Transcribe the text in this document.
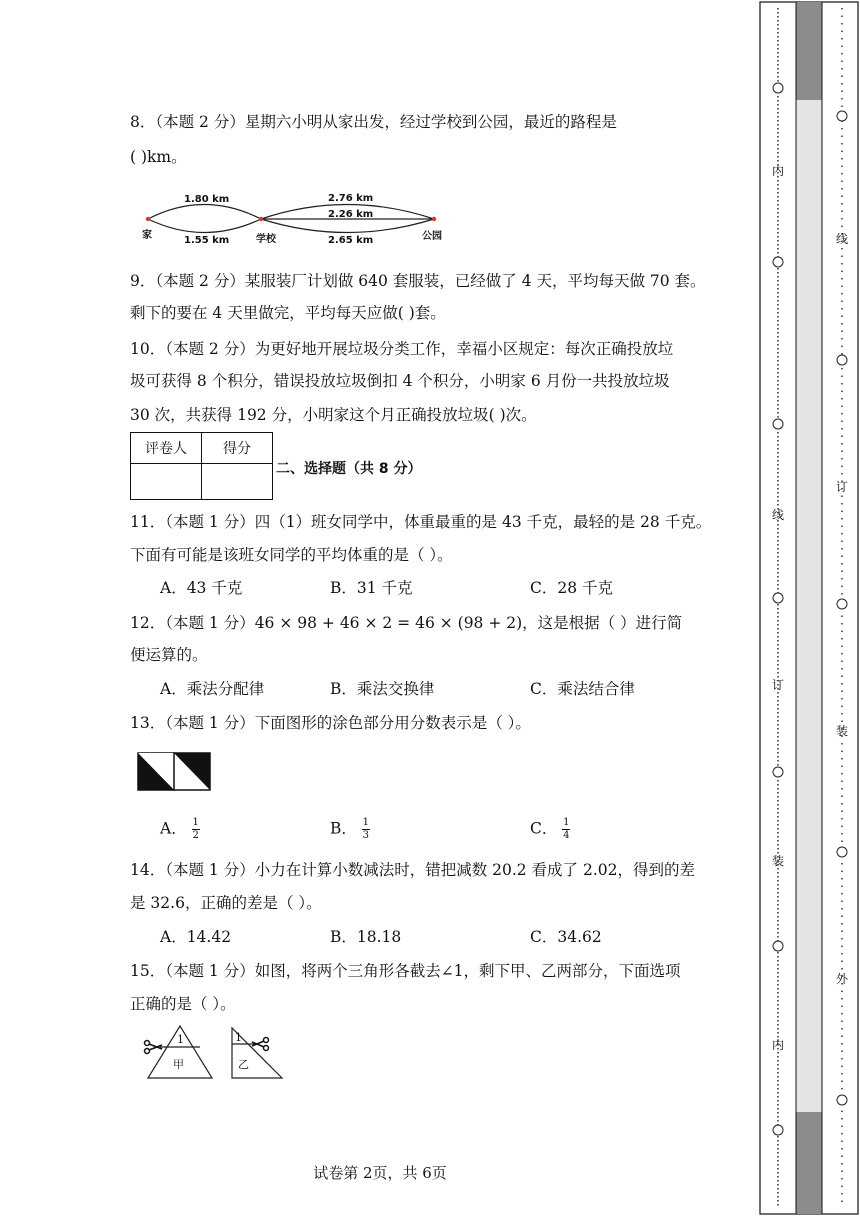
8．（本题 2 分）星期六小明从家出发，经过学校到公园，最近的路程是
( )km。
1.80 km
1.55 km
2.76 km
2.26 km
2.65 km
家	学校	公园
9．（本题 2 分）某服装厂计划做 640 套服装，已经做了 4 天，平均每天做 70 套。
剩下的要在 4 天里做完，平均每天应做( )套。
10．（本题 2 分）为更好地开展垃圾分类工作，幸福小区规定：每次正确投放垃
圾可获得 8 个积分，错误投放垃圾倒扣 4 个积分，小明家 6 月份一共投放垃圾
30 次，共获得 192 分，小明家这个月正确投放垃圾( )次。
评卷人	得分

二、选择题（共 8 分）
11．（本题 1 分）四（1）班女同学中，体重最重的是 43 千克，最轻的是 28 千克。
下面有可能是该班女同学的平均体重的是（ ）。
A．43 千克	B．31 千克	C．28 千克
12．（本题 1 分）46 × 98 + 46 × 2 = 46 × (98 + 2)，这是根据（ ）进行简
便运算的。
A．乘法分配律	B．乘法交换律	C．乘法结合律
13．（本题 1 分）下面图形的涂色部分用分数表示是（ ）。
A． $\frac{1}{2}$	B． $\frac{1}{3}$	C． $\frac{1}{4}$
14．（本题 1 分）小力在计算小数减法时，错把减数 20.2 看成了 2.02，得到的差
是 32.6，正确的差是（ ）。
A．14.42	B．18.18	C．34.62
15．（本题 1 分）如图，将两个三角形各截去∠1，剩下甲、乙两部分，下面选项
正确的是（ ）。
1
甲
1
乙
试卷第 2页，共 6页
内
线
订
装
内
线
订
装
外
